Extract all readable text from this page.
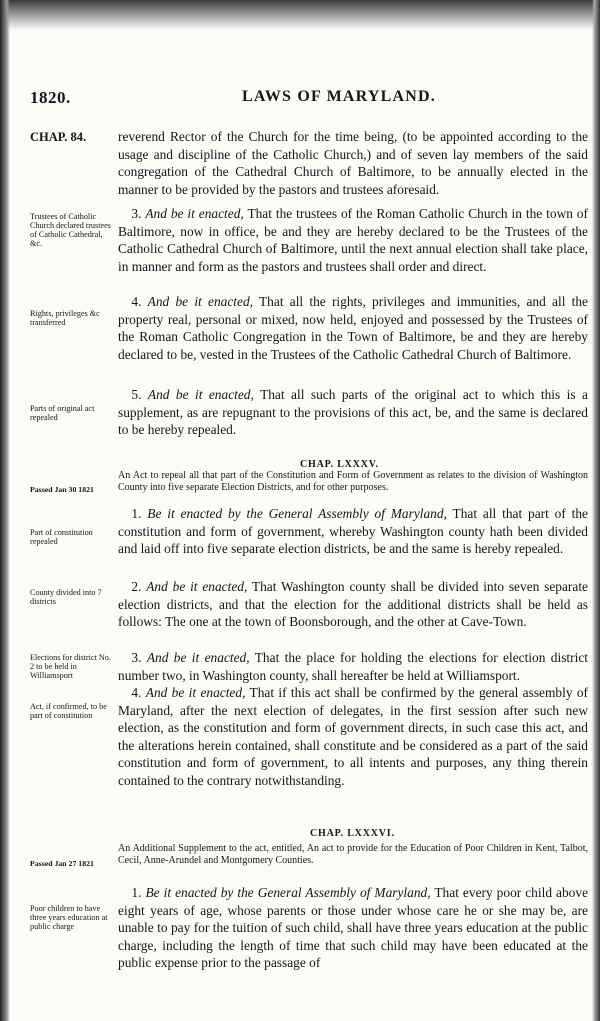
1820.	LAWS OF MARYLAND.
CHAP. 84. reverend Rector of the Church for the time being, (to be appointed according to the usage and discipline of the Catholic Church,) and of seven lay members of the said congregation of the Cathedral Church of Baltimore, to be annually elected in the manner to be provided by the pastors and trustees aforesaid.

Trustees of Catholic Church declared trustees of Catholic Cathedral, &c.

 3. And be it enacted, That the trustees of the Roman Catholic Church in the town of Baltimore, now in office, be and they are hereby declared to be the Trustees of the Catholic Cathedral Church of Baltimore, until the next annual election shall take place, in manner and form as the pastors and trustees shall order and direct.

Rights, privileges &c transferred

 4. And be it enacted, That all the rights, privileges and immunities, and all the property real, personal or mixed, now held, enjoyed and possessed by the Trustees of the Roman Catholic Congregation in the Town of Baltimore, be and they are hereby declared to be, vested in the Trustees of the Catholic Cathedral Church of Baltimore.

Parts of original act repealed

 5. And be it enacted, That all such parts of the original act to which this is a supplement, as are repugnant to the provisions of this act, be, and the same is declared to be hereby repealed.

CHAP. LXXXV.
Passed Jan 30 1821

An Act to repeal all that part of the Constitution and Form of Government as relates to the division of Washington County into five separate Election Districts, and for other purposes.

Part of constitution repealed

 1. Be it enacted by the General Assembly of Maryland, That all that part of the constitution and form of government, whereby Washington county hath been divided and laid off into five separate election districts, be and the same is hereby repealed.

County divided into 7 districts

 2. And be it enacted, That Washington county shall be divided into seven separate election districts, and that the election for the additional districts shall be held as follows: The one at the town of Boonsborough, and the other at Cave-Town.

Elections for district No. 2 to be held in Williamsport

 3. And be it enacted, That the place for holding the elections for election district number two, in Washington county, shall hereafter be held at Williamsport.

Act, if confirmed, to be part of constitution

 4. And be it enacted, That if this act shall be confirmed by the general assembly of Maryland, after the next election of delegates, in the first session after such new election, as the constitution and form of government directs, in such case this act, and the alterations herein contained, shall constitute and be considered as a part of the said constitution and form of government, to all intents and purposes, any thing therein contained to the contrary notwithstanding.

CHAP. LXXXVI.
Passed Jan 27 1821

An Additional Supplement to the act, entitled, An act to provide for the Education of Poor Children in Kent, Talbot, Cecil, Anne-Arundel and Montgomery Counties.

Poor children to have three years education at public charge

 1. Be it enacted by the General Assembly of Maryland, That every poor child above eight years of age, whose parents or those under whose care he or she may be, are unable to pay for the tuition of such child, shall have three years education at the public charge, including the length of time that such child may have been educated at the public expense prior to the passage of
